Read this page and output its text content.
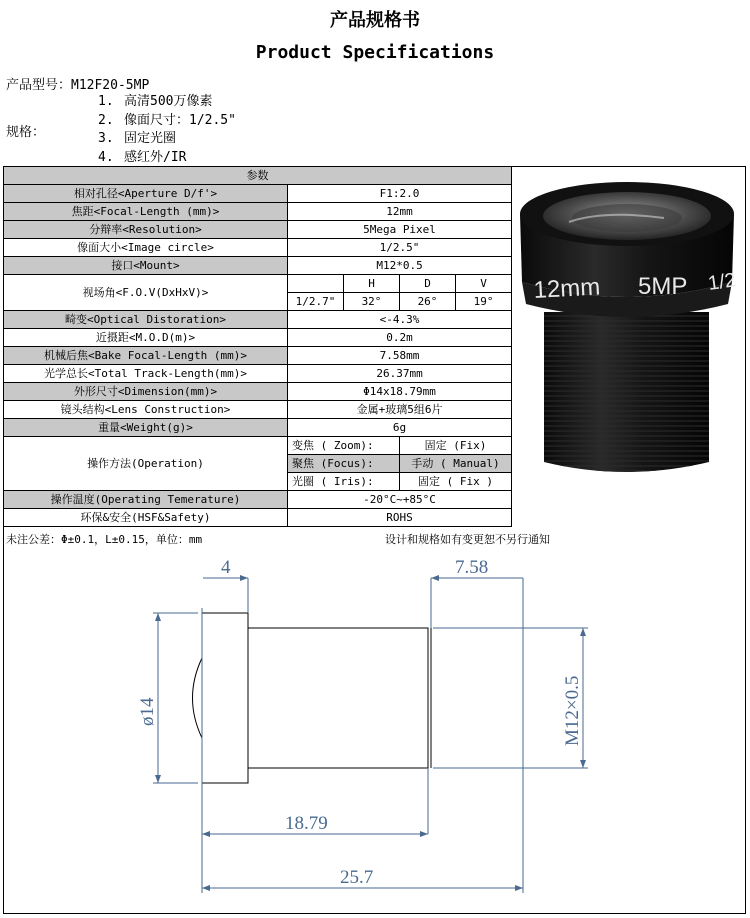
产品规格书
Product Specifications
产品型号：M12F20-5MP
规格：
1. 高清500万像素
2. 像面尺寸：1/2.5"
3. 固定光圈
4. 感红外/IR
参数				
相对孔径<Aperture D/f'>	F1:2.0			
焦距<Focal-Length (mm)>	12mm			
分辩率<Resolution>	5Mega Pixel			
像面大小<Image circle>	1/2.5"			
接口<Mount>	M12*0.5			
视场角<F.O.V(DxHxV)>		H	D	V
	1/2.7"	32°	26°	19°
畸变<Optical Distoration>	<-4.3%			
近摄距<M.O.D(m)>	0.2m			
机械后焦<Bake Focal-Length (mm)>	7.58mm			
光学总长<Total Track-Length(mm)>	26.37mm			
外形尺寸<Dimension(mm)>	Φ14x18.79mm			
镜头结构<Lens Construction>	金属+玻璃5组6片			
重量<Weight(g)>	6g			
操作方法(Operation)	变焦 ( Zoom):		固定 (Fix)	
	聚焦 (Focus):		手动 ( Manual)	
	光圈 ( Iris):		固定 ( Fix )	
操作温度(Operating Temerature)	-20°C~+85°C			
环保&安全(HSF&Safety)	ROHS			
12mm 5MP 1/2
未注公差：Φ±0.1，L±0.15，单位：mm	设计和规格如有变更恕不另行通知
4	7.58
18.79
25.7
ø14	M12×0.5
